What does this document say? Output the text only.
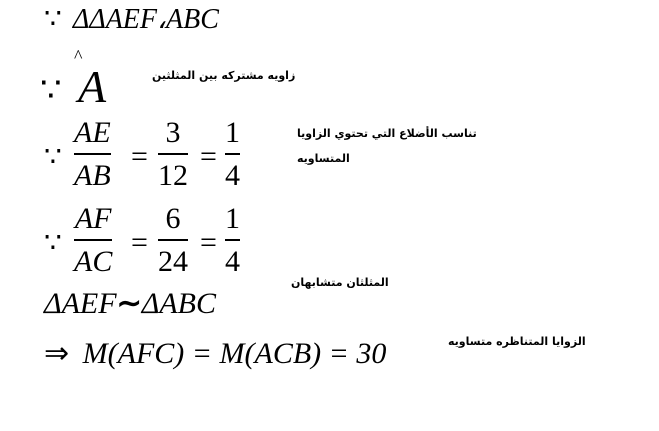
∵ ΔΔAEF،ABC
∵
^
A	زاويه مشتركه بين المثلثين
∵
AE
AB
=
3
12
=
1
4
تناسب الأضلاع التي تحتوي الزاويا
المتساويه
∵
AF
AC
=
6
24
=
1
4
المثلثان متشابهان
ΔAEF∼ΔABC
⇒ M(AFC) = M(ACB) = 30	الزوايا المتناظره متساويه
